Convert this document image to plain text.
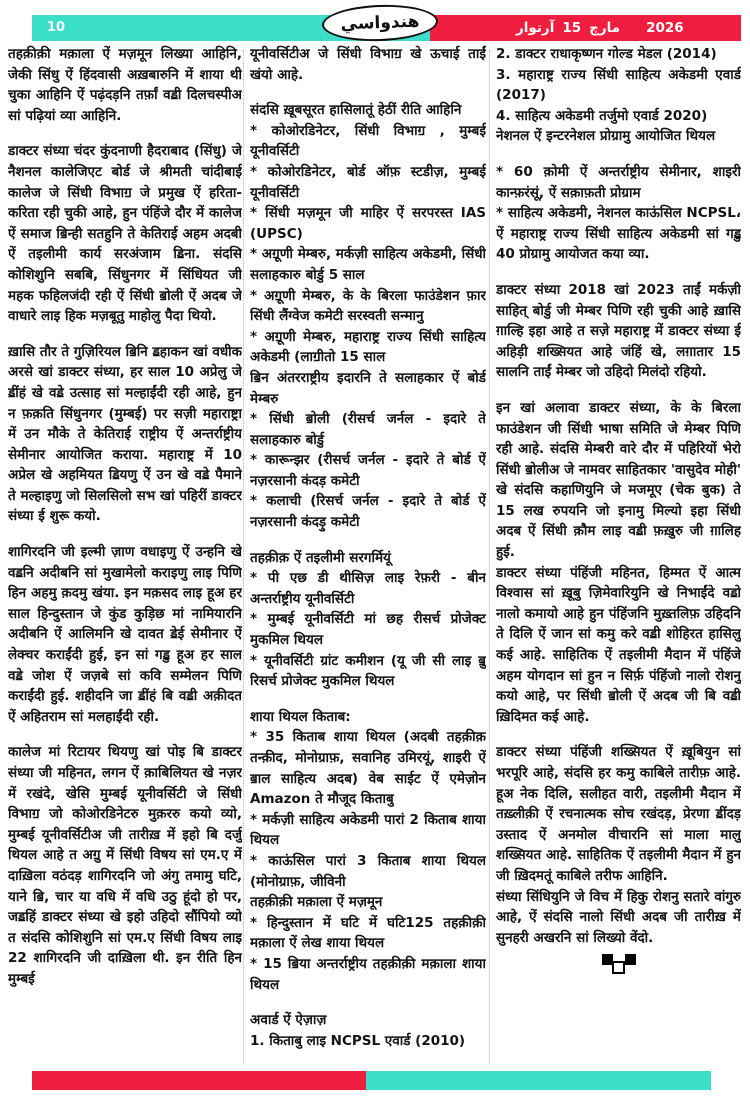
10	آرتوار 15 مارچ 2026
هندواسي

तहक़ीक़ी मक़ाला ऐं मज़मून लिख्या आहिनि, जेकी सिंधु ऐं हिंदवासी अख़बारुनि में शाया थी चुका आहिनि ऐं पढ़ंदड़नि तर्फ़ां वॾी दिलचस्पीअ सां पढ़ियां व्या आहिनि.

डाक्टर संध्या चंदर कुंदनाणी हैदराबाद (सिंधु) जे नैशनल कालेजिएट बोर्ड जे श्रीमती चांदीबाई कालेज जे सिंधी विभाॻ जे प्रमुख ऐं हरिता-करिता रही चुकी आहे, हुन पंहिंजे दौर में कालेज ऐं समाज ॿिन्ही सतहुनि ते केतिराई अहम अदबी ऐं तइलीमी कार्य सरअंजाम ॾिना. संदसि कोशिशुनि सबबि, सिंधुनगर में सिंधियत जी महक फहिलजंदी रही ऐं सिंधी ॿोली ऐं अदब जे वाधारे लाइ हिक मज़बूतु माहोलु पैदा थियो.

ख़ासि तौर ते गुज़िरियल ॿिनि ॾहाकन खां वधीक अरसे खां डाक्टर संध्या, हर साल 10 अप्रेलु जे ॾींहं खे वॾे उत्साह सां मल्हाईंदी रही आहे, हुन न फ़क़ति सिंधुनगर (मुम्बई) पर सज़ी महाराष्ट्रा में उन मौके ते केतिराई राष्ट्रीय ऐं अन्तर्राष्ट्रीय सेमीनार आयोजित कराया. महाराष्ट्र में 10 अप्रेल खे अहमियत ॾियणु ऐं उन खे वॾे पैमाने ते मल्हाइणु जो सिलसिलो सभ खां पहिरीं डाक्टर संध्या ई शुरू कयो.

शागिरदनि जी इल्मी ज़ाण वधाइणु ऐं उन्हनि खे वॾनि अदीबनि सां मुखामेलो कराइणु लाइ पिणि हिन अहमु क़दमु खंया. इन मक़सद लाइ हूअ हर साल हिन्दुस्तान जे कुंड कुड़िछ मां नामियारनि अदीबनि ऐं आलिमनि खे दावत ॾेई सेमीनार ऐं लेक्चर कराईंदी हुई, इन सां गॾु हूअ हर साल वॾे जोश ऐं जज़बे सां कवि सम्मेलन पिणि कराईंदी हुई. शहीदनि जा ॾींहं बि वॾी अक़ीदत ऐं अहितराम सां मलहाईंदी रही.

कालेज मां रिटायर थियणु खां पोइ बि डाक्टर संध्या जी महिनत, लगन ऐं क़ाबिलियत खे नज़र में रखंदे, खेसि मुम्बई यूनीवर्सिटी जे सिंधी विभाॻ जो कोओरडिनेटरु मुक़ररु कयो व्यो, मुम्बई यूनीवर्सिटीअ जी तारीख़ में इहो बि दर्जु थियल आहे त अॻु में सिंधी विषय सां एम.ए में दाख़िला वठंदड़ शागिरदनि जो अंगु तमामु घटि, याने ॿि, चार या वधि में वधि उठु हूंदो हो पर, जॾहिं डाक्टर संध्या खे इहो उहिदो सौंपियो व्यो त संदसि कोशिशुनि सां एम.ए सिंधी विषय लाइ 22 शागिरदनि जी दाख़िला थी. इन रीति हिन मुम्बई

यूनीवर्सिटीअ जे सिंधी विभाॻ खे ऊचाई ताईं खंयो आहे.

संदसि ख़ूबसूरत हासिलातूं हेठीं रीति आहिनि

* कोओरडिनेटर, सिंधी विभाॻ , मुम्बई यूनीवर्सिटी

* कोओरडिनेटर, बोर्ड ऑफ़ स्टडीज़, मुम्बई यूनीवर्सिटी

* सिंधी मज़मून जी माहिर ऐं सरपरस्त IAS (UPSC)

* अॻूणी मेम्बरु, मर्कज़ी साहित्य अकेडमी, सिंधी सलाहकारु बोर्डु 5 साल

* अॻूणी मेम्बरु, के के बिरला फाउंडेशन फ़ार सिंधी लैंग्वेज कमेटी सरस्वती सन्मानु

* अॻूणी मेम्बरु, महाराष्ट्र राज्य सिंधी साहित्य अकेडमी (लाॻीतो 15 साल

ॿिन अंतरराष्ट्रीय इदारनि ते सलाहकार ऐं बोर्ड मेम्बरु

* सिंधी ॿोली (रीसर्च जर्नल - इदारे ते सलाहकारु बोर्डु

* कारून्झर (रीसर्च जर्नल - इदारे ते बोर्ड ऐं नज़रसानी कंदड़ कमेटी

* कलाची (रिसर्च जर्नल - इदारे ते बोर्ड ऐं नज़रसानी कंदड़ु कमेटी

तहक़ीक़ ऐं तइलीमी सरगर्मियूं

* पी एछ डी थीसिज़ लाइ रेफ़री - बीन अन्तर्राष्ट्रीय यूनीवर्सिटी

* मुम्बई यूनीवर्सिटी मां छह रीसर्च प्रोजेक्ट मुकमिल थियल

* यूनीवर्सिटी ग्रांट कमीशन (यू जी सी लाइ ॿु रिसर्च प्रोजेक्ट मुकमिल थियल

शाया थियल किताब:

* 35 किताब शाया थियल (अदबी तहक़ीक़ तन्क़ीद, मोनोग्राफ़, सवानिह उमिरयूं, शाइरी ऐं ॿाल साहित्य अदब) वेब साईट ऐं एमेज़ोन Amazon ते मौजूद किताबु

* मर्कज़ी साहित्य अकेडमी पारां 2 किताब शाया थियल

* काऊंसिल पारां 3 किताब शाया थियल (मोनोग्राफ़, जीविनी

तहक़ीक़ी मक़ाला ऐं मज़मून

* हिन्दुस्तान में घटि में घटि125 तहक़ीक़ी मक़ाला ऐं लेख शाया थियल

* 15 ॿिया अन्तर्राष्ट्रीय तहक़ीक़ी मक़ाला शाया थियल

अवार्ड ऐं ऐज़ाज़

1. किताबु लाइ NCPSL एवार्ड (2010)

2. डाक्टर राधाकृष्णन गोल्ड मेडल (2014)

3. महाराष्ट्र राज्य सिंधी साहित्य अकेडमी एवार्ड (2017)

4. साहित्य अकेडमी तर्जुमो एवार्ड 2020)

नेशनल ऐं इन्टरनेशल प्रोग्रामु आयोजित थियल

* 60 क़ोमी ऐं अन्तर्राष्ट्रीय सेमीनार, शाइरी कान्फ़रंसूं, ऐं सक़ाफ़ती प्रोग्राम

* साहित्य अकेडमी, नेशनल काऊंसिल NCPSL، ऐं महाराष्ट्र राज्य सिंधी साहित्य अकेडमी सां गॾु 40 प्रोग्रामु आयोजत कया व्या.

डाक्टर संध्या 2018 खां 2023 ताईं मर्कज़ी साहित् बोर्डु जी मेम्बर पिणि रही चुकी आहे ख़ासि ग़ाल्हि इहा आहे त सज़े महाराष्ट्र में डाक्टर संध्या ई अहिड़ी शख्सियत आहे जंहिं खे, लग़ातार 15 सालनि ताईं मेम्बर जो उहिदो मिलंदो रहियो.

इन खां अलावा डाक्टर संध्या, के के बिरला फाउंडेशन जी सिंधी भाषा समिति जे मेम्बर पिणि रही आहे. संदसि मेम्बरी वारे दौर में पहिरियों भेरो सिंधी ॿोलीअ जे नामवर साहितकार 'वासुदेव मोही' खे संदसि कहाणियुनि जे मजमूए (चेक बुक) ते 15 लख रुपयनि जो इनामु मिल्यो इहा सिंधी अदब ऐं सिंधी क़ौम लाइ वॾी फ़ख़ुरु जी ग़ालिह हुई.

डाक्टर संध्या पंहिंजी महिनत, हिम्मत ऐं आत्म विश्वास सां ख़ूबु ज़िमेवारियुनि खे निभाईंदे वॾो नालो कमायो आहे हुन पंहिंजनि मुख़्तलिफ़ उहिदनि ते दिलि ऐं जान सां कमु करे वॾी शोहिरत हासिलु कई आहे. साहितिक ऐं तइलीमी मैदान में पंहिंजे अहम योगदान सां हुन न सिर्फ़ पंहिंजो नालो रोशनु कयो आहे, पर सिंधी ॿोली ऐं अदब जी बि वॾी ख़िदिमत कई आहे.

डाक्टर संध्या पंहिंजी शख्सियत ऐं ख़ूबियुन सां भरपूरि आहे, संदसि हर कमु काबिले तारीफ़ आहे. हूअ नेक दिलि, सलीहत वारी, तइलीमी मैदान में तख़्लीक़ी ऐं रचनात्मक सोच रखंदड़, प्रेरणा ॾींदड़ उस्ताद ऐं अनमोल वीचारनि सां माला मालु शख्सियत आहे. साहितिक ऐं तइलीमी मैदान में हुन जी ख़िदमतूं काबिले तरीफ आहिनि.

संध्या सिंधियुनि जे विच में हिकु रोशनु सतारे वांगुरु आहे, ऐं संदसि नालो सिंधी अदब जी तारीख़ में सुनहरी अखरनि सां लिख्यो वेंदो.
